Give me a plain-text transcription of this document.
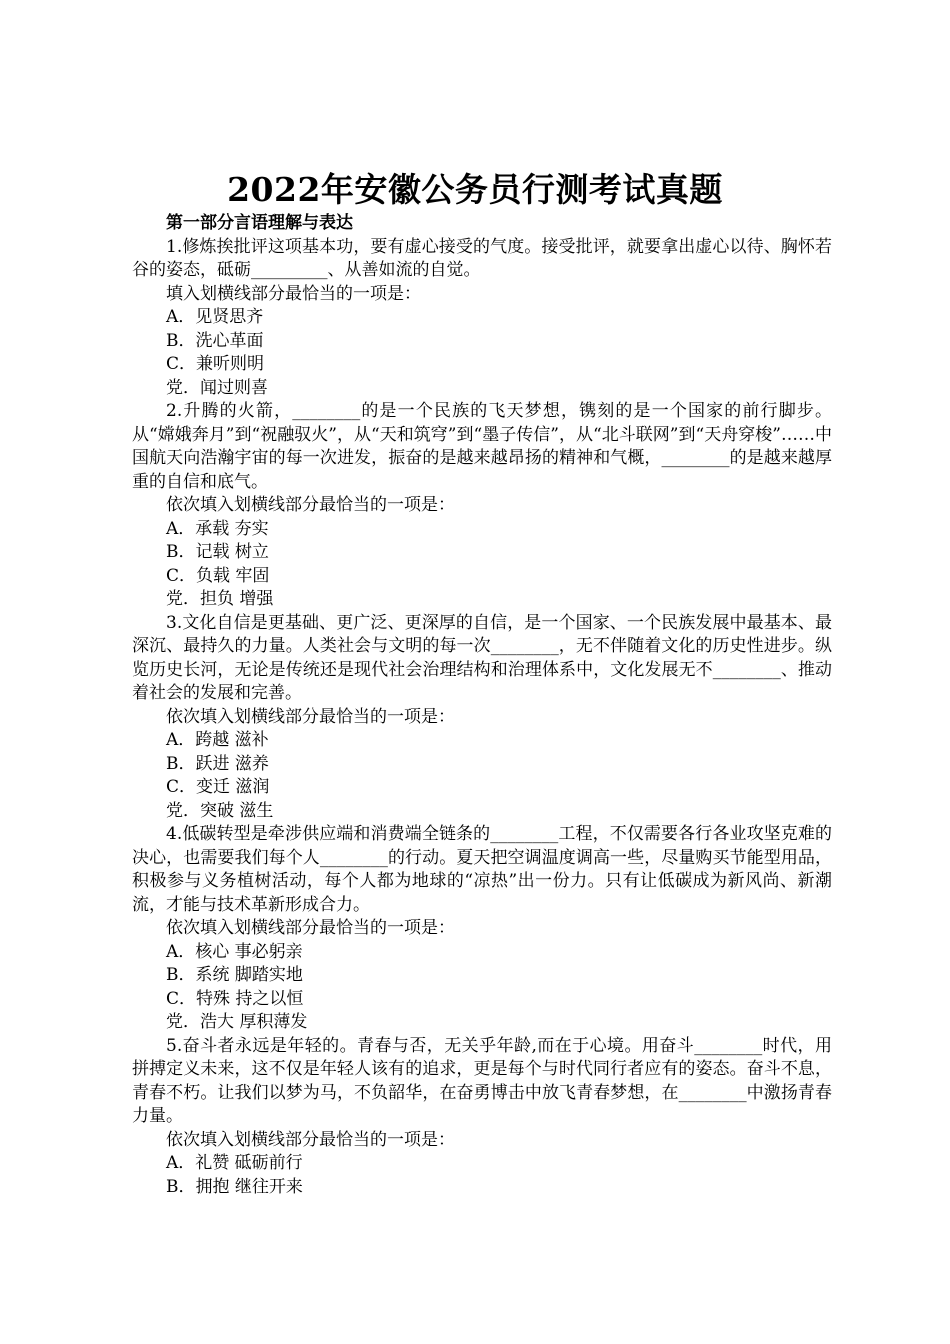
2022年安徽公务员行测考试真题
第一部分言语理解与表达

1.修炼挨批评这项基本功，要有虚心接受的气度。接受批评，就要拿出虚心以待、胸怀若谷的姿态，砥砺_________、从善如流的自觉。

填入划横线部分最恰当的一项是：
A．见贤思齐
B．洗心革面
C．兼听则明
党．闻过则喜

2.升腾的火箭，________的是一个民族的飞天梦想，镌刻的是一个国家的前行脚步。从“嫦娥奔月”到“祝融驭火”，从“天和筑穹”到“墨子传信”，从“北斗联网”到“天舟穿梭”……中国航天向浩瀚宇宙的每一次进发，振奋的是越来越昂扬的精神和气概，________的是越来越厚重的自信和底气。

依次填入划横线部分最恰当的一项是：
A．承载 夯实
B．记载 树立
C．负载 牢固
党．担负 增强

3.文化自信是更基础、更广泛、更深厚的自信，是一个国家、一个民族发展中最基本、最深沉、最持久的力量。人类社会与文明的每一次________，无不伴随着文化的历史性进步。纵览历史长河，无论是传统还是现代社会治理结构和治理体系中，文化发展无不________、推动着社会的发展和完善。

依次填入划横线部分最恰当的一项是：
A．跨越 滋补
B．跃进 滋养
C．变迁 滋润
党．突破 滋生

4.低碳转型是牵涉供应端和消费端全链条的________工程，不仅需要各行各业攻坚克难的决心，也需要我们每个人________的行动。夏天把空调温度调高一些，尽量购买节能型用品，积极参与义务植树活动，每个人都为地球的“凉热”出一份力。只有让低碳成为新风尚、新潮流，才能与技术革新形成合力。

依次填入划横线部分最恰当的一项是：
A．核心 事必躬亲
B．系统 脚踏实地
C．特殊 持之以恒
党．浩大 厚积薄发

5.奋斗者永远是年轻的。青春与否，无关乎年龄,而在于心境。用奋斗________时代，用拼搏定义未来，这不仅是年轻人该有的追求，更是每个与时代同行者应有的姿态。奋斗不息，青春不朽。让我们以梦为马，不负韶华，在奋勇博击中放飞青春梦想，在________中激扬青春力量。

依次填入划横线部分最恰当的一项是：
A．礼赞 砥砺前行
B．拥抱 继往开来
